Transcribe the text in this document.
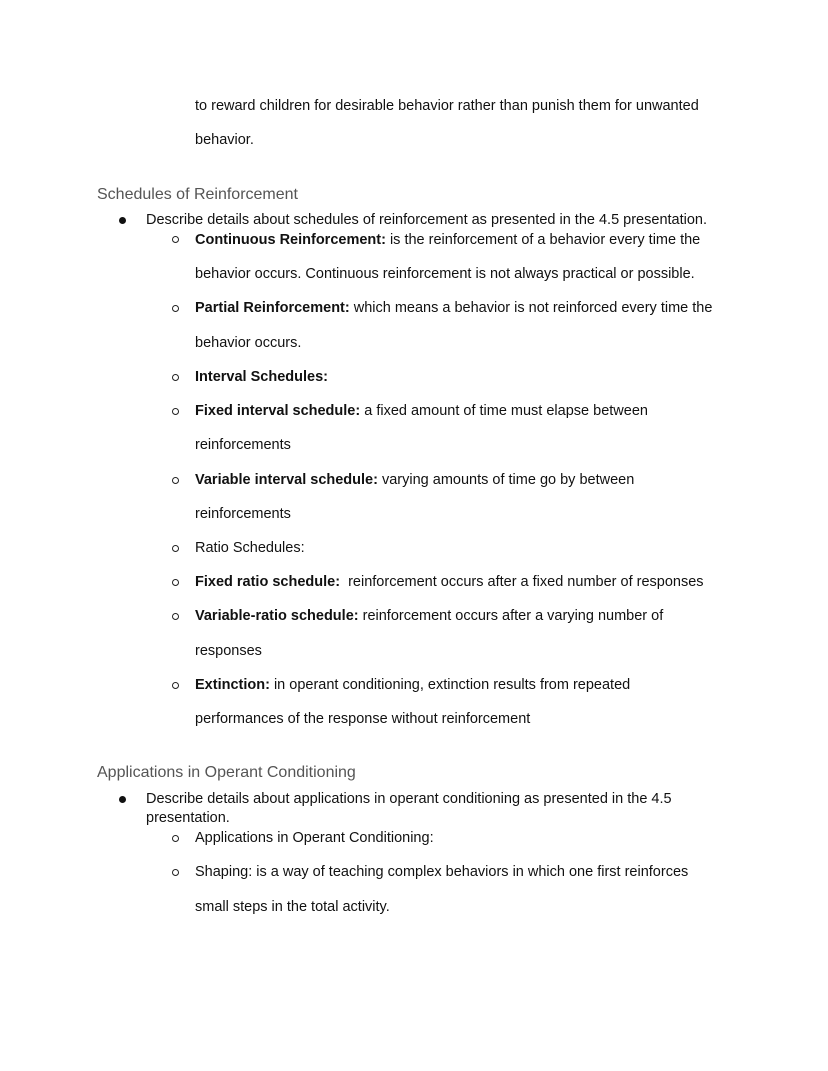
to reward children for desirable behavior rather than punish them for unwanted
behavior.
Schedules of Reinforcement
Describe details about schedules of reinforcement as presented in the 4.5 presentation.
Continuous Reinforcement: is the reinforcement of a behavior every time the
behavior occurs. Continuous reinforcement is not always practical or possible.
Partial Reinforcement: which means a behavior is not reinforced every time the
behavior occurs.
Interval Schedules:
Fixed interval schedule: a fixed amount of time must elapse between
reinforcements
Variable interval schedule: varying amounts of time go by between
reinforcements
Ratio Schedules:
Fixed ratio schedule:  reinforcement occurs after a fixed number of responses
Variable-ratio schedule: reinforcement occurs after a varying number of
responses
Extinction: in operant conditioning, extinction results from repeated
performances of the response without reinforcement
Applications in Operant Conditioning
Describe details about applications in operant conditioning as presented in the 4.5
presentation.
Applications in Operant Conditioning:
Shaping: is a way of teaching complex behaviors in which one first reinforces
small steps in the total activity.
